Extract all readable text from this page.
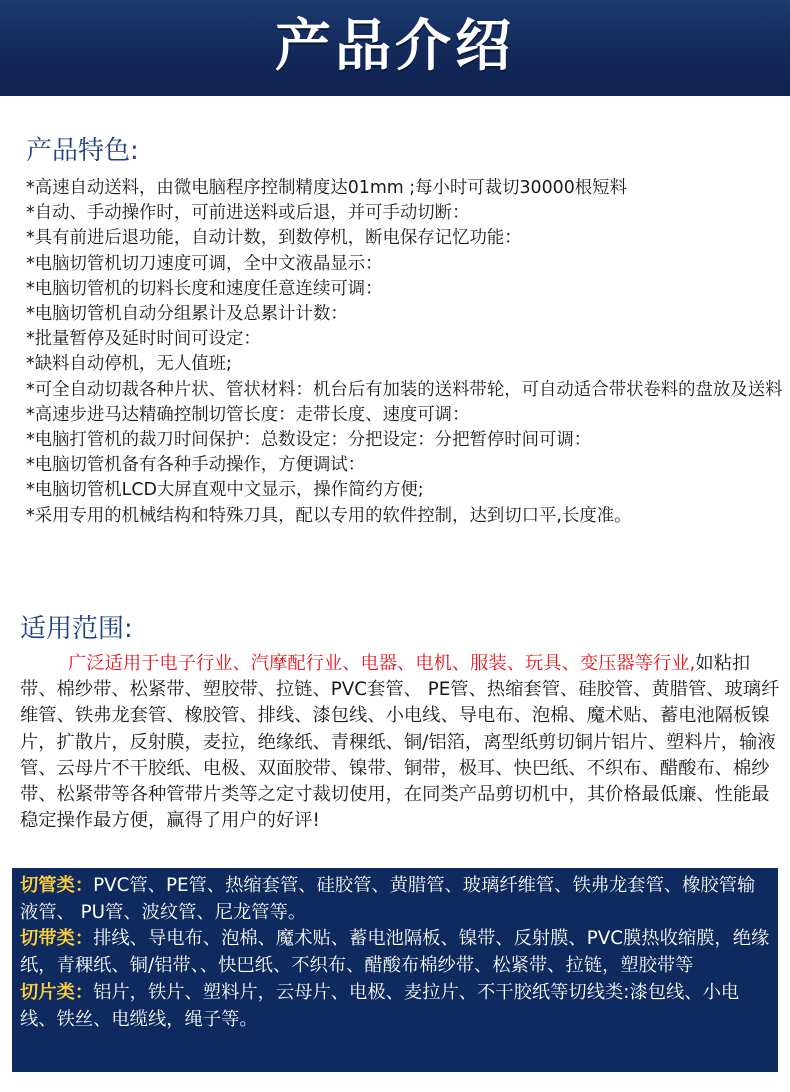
产品介绍
产品特色:
*高速自动送料，由微电脑程序控制精度达01mm ;每小时可裁切30000根短料
*自动、手动操作时，可前进送料或后退，并可手动切断：
*具有前进后退功能，自动计数，到数停机，断电保存记忆功能：
*电脑切管机切刀速度可调，全中文液晶显示：
*电脑切管机的切料长度和速度任意连续可调：
*电脑切管机自动分组累计及总累计计数：
*批量暂停及延时时间可设定：
*缺料自动停机，无人值班;
*可全自动切裁各种片状、管状材料：机台后有加装的送料带轮，可自动适合带状卷料的盘放及送料
*高速步进马达精确控制切管长度：走带长度、速度可调：
*电脑打管机的裁刀时间保护：总数设定：分把设定：分把暂停时间可调：
*电脑切管机备有各种手动操作，方便调试：
*电脑切管机LCD大屏直观中文显示，操作简约方便;
*采用专用的机械结构和特殊刀具，配以专用的软件控制，达到切口平,长度准。
适用范围:
广泛适用于电子行业、汽摩配行业、电器、电机、服装、玩具、变压器等行业,如粘扣带、棉纱带、松紧带、塑胶带、拉链、PVC套管、 PE管、热缩套管、硅胶管、黄腊管、玻璃纤维管、铁弗龙套管、橡胶管、排线、漆包线、小电线、导电布、泡棉、魔术贴、蓄电池隔板镍片，扩散片，反射膜，麦拉，绝缘纸、青稞纸、铜/铝箔，离型纸剪切铜片铝片、塑料片，输液管、云母片不干胶纸、电极、双面胶带、镍带、铜带，极耳、快巴纸、不织布、醋酸布、棉纱带、松紧带等各种管带片类等之定寸裁切使用，在同类产品剪切机中，其价格最低廉、性能最稳定操作最方便，赢得了用户的好评!

切管类：PVC管、PE管、热缩套管、硅胶管、黄腊管、玻璃纤维管、铁弗龙套管、橡胶管输液管、 PU管、波纹管、尼龙管等。

切带类：排线、导电布、泡棉、魔术贴、蓄电池隔板、镍带、反射膜、PVC膜热收缩膜，绝缘纸，青稞纸、铜/铝带、、快巴纸、不织布、醋酸布棉纱带、松紧带、拉链，塑胶带等

切片类：铝片，铁片、塑料片，云母片、电极、麦拉片、不干胶纸等切线类:漆包线、小电线、铁丝、电缆线，绳子等。
